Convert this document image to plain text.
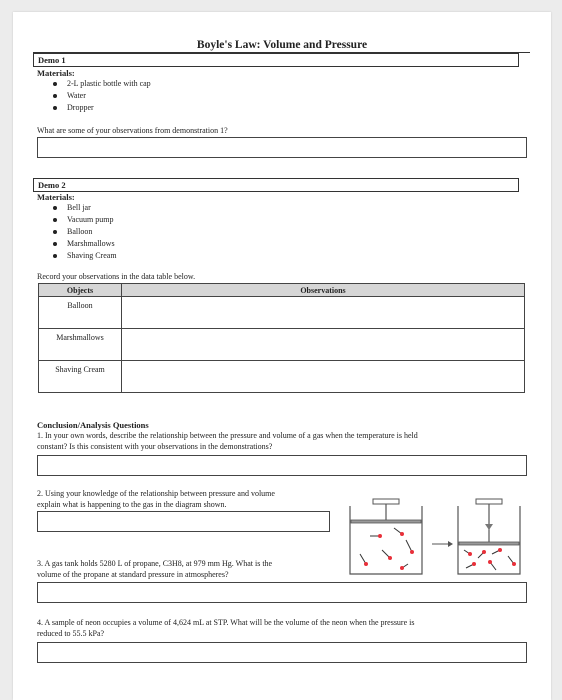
Boyle's Law: Volume and Pressure
Demo 1
Materials:
2-L plastic bottle with cap
Water
Dropper
What are some of your observations from demonstration 1?
Demo 2
Materials:
Bell jar
Vacuum pump
Balloon
Marshmallows
Shaving Cream
Record your observations in the data table below.
Objects	Observations
Balloon	
Marshmallows	
Shaving Cream	
Conclusion/Analysis Questions
1. In your own words, describe the relationship between the pressure and volume of a gas when the temperature is held
constant? Is this consistent with your observations in the demonstrations?
2. Using your knowledge of the relationship between pressure and volume
explain what is happening to the gas in the diagram shown.
3. A gas tank holds 5280 L of propane, C3H8, at 979 mm Hg. What is the
volume of the propane at standard pressure in atmospheres?
4. A sample of neon occupies a volume of 4,624 mL at STP. What will be the volume of the neon when the pressure is
reduced to 55.5 kPa?
